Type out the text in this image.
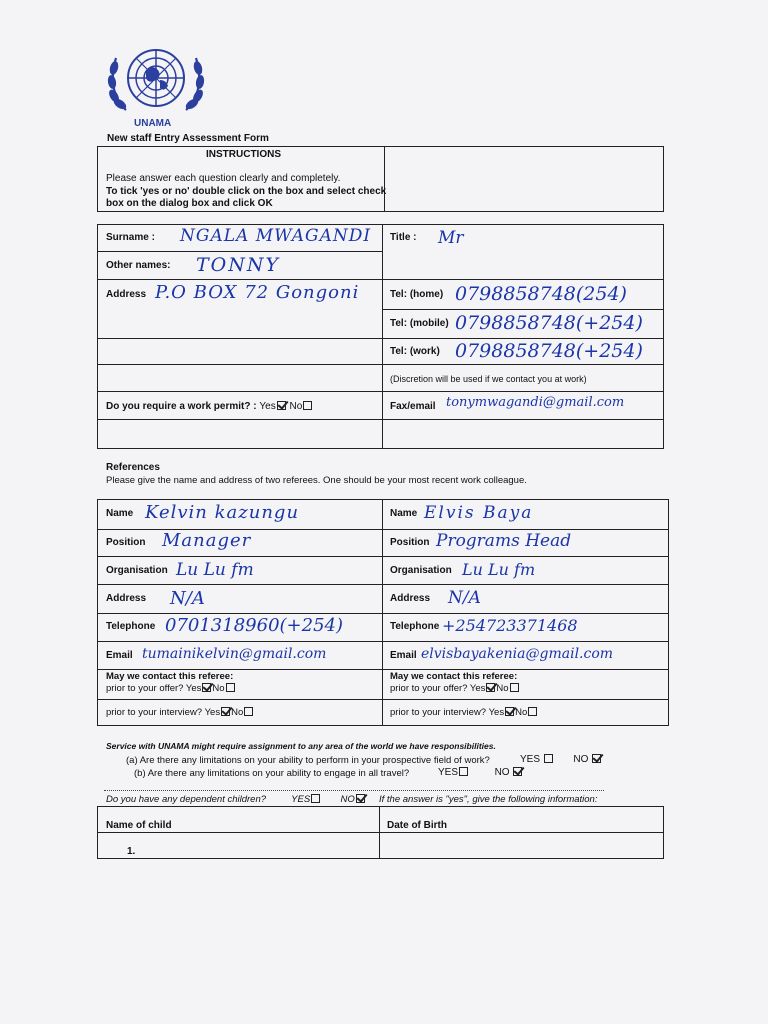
UNAMA
New staff Entry Assessment Form
INSTRUCTIONS
Please answer each question clearly and completely.
To tick 'yes or no' double click on the box and select check
box on the dialog box and click OK
Surname : NGALA MWAGANDI Title : Mr
Other names: TONNY
Address P.O BOX 72 Gongoni	Tel: (home) 0798858748(254)
Tel: (mobile) 0798858748(+254)
Tel: (work) 0798858748(+254)
(Discretion will be used if we contact you at work)
Do you require a work permit? : Yes No	Fax/email tonymwagandi@gmail.com
References
Please give the name and address of two referees. One should be your most recent work colleague.
Name Kelvin kazungu
Position Manager
Organisation Lu Lu fm
Address N/A
Telephone 0701318960(+254)
Email tumainikelvin@gmail.com
May we contact this referee:
prior to your offer? Yes No
prior to your interview? Yes No
Name Elvis Baya
Position Programs Head
Organisation Lu Lu fm
Address N/A
Telephone +254723371468
Email elvisbayakenia@gmail.com
May we contact this referee:
prior to your offer? Yes No
prior to your interview? Yes No
Service with UNAMA might require assignment to any area of the world we have responsibilities.
(a) Are there any limitations on your ability to perform in your prospective field of work?	YES	NO
(b) Are there any limitations on your ability to engage in all travel?	YES	NO
Do you have any dependent children?	YES	NO	If the answer is "yes", give the following information:
Name of child	Date of Birth
1.
